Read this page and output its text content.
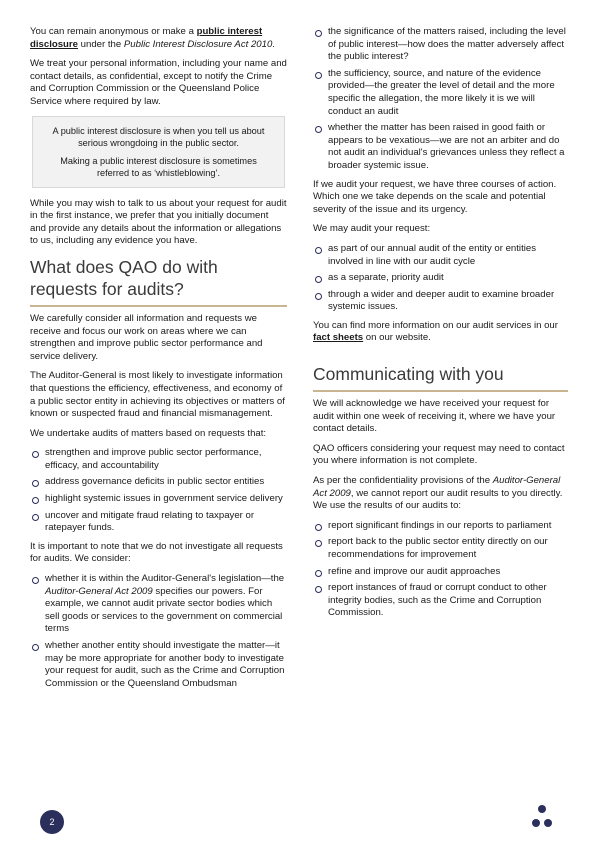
You can remain anonymous or make a public interest disclosure under the Public Interest Disclosure Act 2010.

We treat your personal information, including your name and contact details, as confidential, except to notify the Crime and Corruption Commission or the Queensland Police Service where required by law.

A public interest disclosure is when you tell us about serious wrongdoing in the public sector.

Making a public interest disclosure is sometimes referred to as ‘whistleblowing’.

While you may wish to talk to us about your request for audit in the first instance, we prefer that you initially document and provide any details about the information or allegations to us, including any evidence you have.

What does QAO do with requests for audits?

We carefully consider all information and requests we receive and focus our work on areas where we can strengthen and improve public sector performance and service delivery.

The Auditor-General is most likely to investigate information that questions the efficiency, effectiveness, and economy of a public sector entity in achieving its objectives or matters of known or suspected fraud and financial mismanagement.

We undertake audits of matters based on requests that:

strengthen and improve public sector performance, efficacy, and accountability
address governance deficits in public sector entities
highlight systemic issues in government service delivery
uncover and mitigate fraud relating to taxpayer or ratepayer funds.

It is important to note that we do not investigate all requests for audits. We consider:

whether it is within the Auditor-General's legislation—the Auditor-General Act 2009 specifies our powers. For example, we cannot audit private sector bodies which sell goods or services to the government on commercial terms
whether another entity should investigate the matter—it may be more appropriate for another body to investigate your request for audit, such as the Crime and Corruption Commission or the Queensland Ombudsman
the significance of the matters raised, including the level of public interest—how does the matter adversely affect the public interest?
the sufficiency, source, and nature of the evidence provided—the greater the level of detail and the more specific the allegation, the more likely it is we will conduct an audit
whether the matter has been raised in good faith or appears to be vexatious—we are not an arbiter and do not audit an individual's grievances unless they reflect a broader systemic issue.

If we audit your request, we have three courses of action. Which one we take depends on the scale and potential severity of the issue and its urgency.

We may audit your request:

as part of our annual audit of the entity or entities involved in line with our audit cycle
as a separate, priority audit
through a wider and deeper audit to examine broader systemic issues.

You can find more information on our audit services in our fact sheets on our website.

Communicating with you

We will acknowledge we have received your request for audit within one week of receiving it, where we have your contact details.

QAO officers considering your request may need to contact you where information is not complete.

As per the confidentiality provisions of the Auditor-General Act 2009, we cannot report our audit results to you directly. We use the results of our audits to:

report significant findings in our reports to parliament
report back to the public sector entity directly on our recommendations for improvement
refine and improve our audit approaches
report instances of fraud or corrupt conduct to other integrity bodies, such as the Crime and Corruption Commission.
2
